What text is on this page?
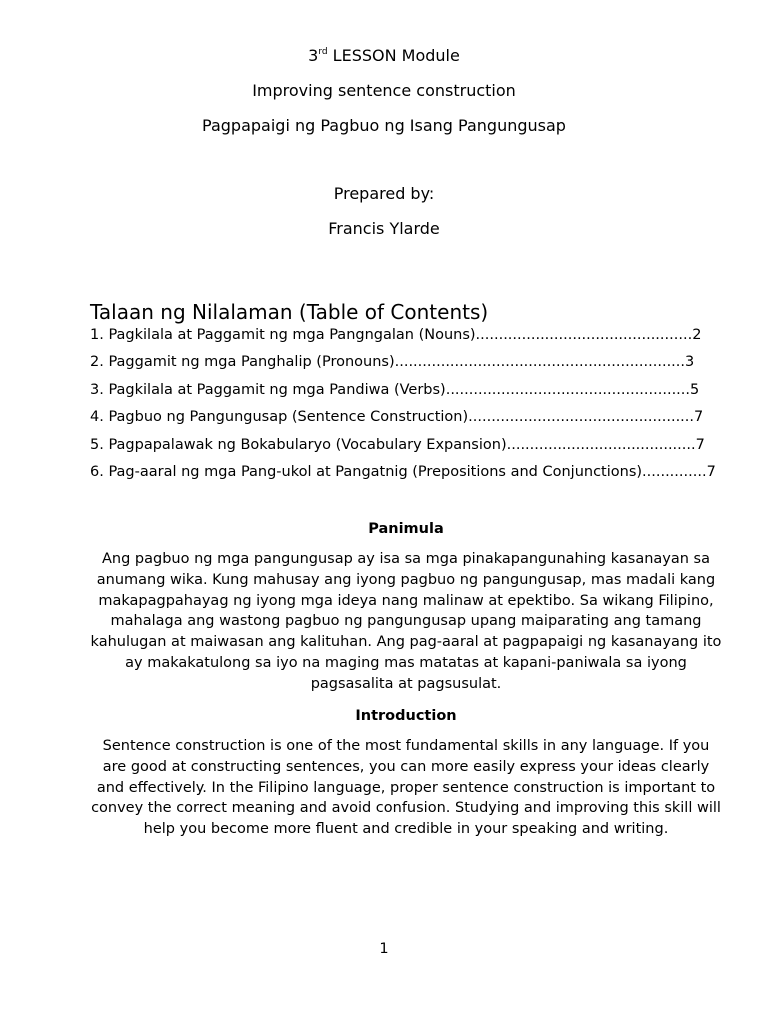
3rd LESSON Module
Improving sentence construction
Pagpapaigi ng Pagbuo ng Isang Pangungusap
Prepared by:
Francis Ylarde
Talaan ng Nilalaman (Table of Contents)
1. Pagkilala at Paggamit ng mga Pangngalan (Nouns)...............................................2
2. Paggamit ng mga Panghalip (Pronouns)...............................................................3
3. Pagkilala at Paggamit ng mga Pandiwa (Verbs).....................................................5
4. Pagbuo ng Pangungusap (Sentence Construction).................................................7
5. Pagpapalawak ng Bokabularyo (Vocabulary Expansion).........................................7
6. Pag-aaral ng mga Pang-ukol at Pangatnig (Prepositions and Conjunctions)..............7
Panimula

Ang pagbuo ng mga pangungusap ay isa sa mga pinakapangunahing kasanayan sa anumang wika. Kung mahusay ang iyong pagbuo ng pangungusap, mas madali kang makapagpahayag ng iyong mga ideya nang malinaw at epektibo. Sa wikang Filipino, mahalaga ang wastong pagbuo ng pangungusap upang maiparating ang tamang kahulugan at maiwasan ang kalituhan. Ang pag-aaral at pagpapaigi ng kasanayang ito ay makakatulong sa iyo na maging mas matatas at kapani-paniwala sa iyong pagsasalita at pagsusulat.

Introduction

Sentence construction is one of the most fundamental skills in any language. If you are good at constructing sentences, you can more easily express your ideas clearly and effectively. In the Filipino language, proper sentence construction is important to convey the correct meaning and avoid confusion. Studying and improving this skill will help you become more fluent and credible in your speaking and writing.

1
